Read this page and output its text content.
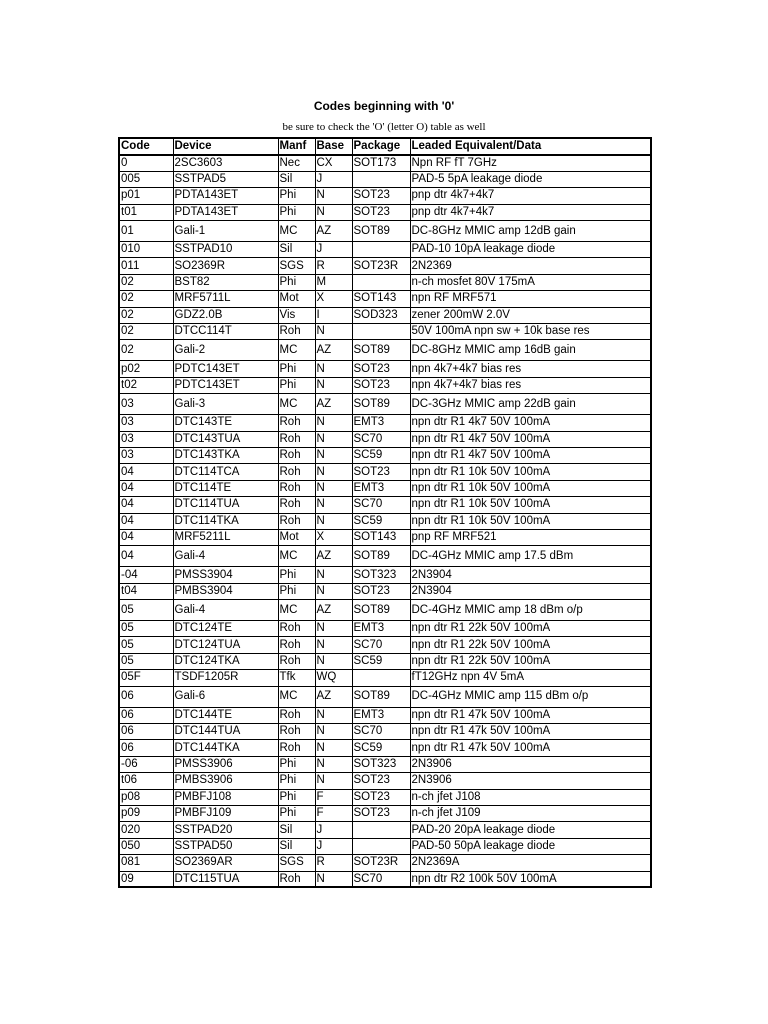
Codes beginning with '0'
be sure to check the 'O' (letter O) table as well
Code	Device	Manf	Base	Package	Leaded Equivalent/Data
0	2SC3603	Nec	CX	SOT173	Npn RF fT 7GHz
005	SSTPAD5	Sil	J		PAD-5 5pA leakage diode
p01	PDTA143ET	Phi	N	SOT23	pnp dtr 4k7+4k7
t01	PDTA143ET	Phi	N	SOT23	pnp dtr 4k7+4k7
01	Gali-1	MC	AZ	SOT89	DC-8GHz MMIC amp 12dB gain
010	SSTPAD10	Sil	J		PAD-10 10pA leakage diode
011	SO2369R	SGS	R	SOT23R	2N2369
02	BST82	Phi	M		n-ch mosfet 80V 175mA
02	MRF5711L	Mot	X	SOT143	npn RF MRF571
02	GDZ2.0B	Vis	I	SOD323	zener 200mW 2.0V
02	DTCC114T	Roh	N		50V 100mA npn sw + 10k base res
02	Gali-2	MC	AZ	SOT89	DC-8GHz MMIC amp 16dB gain
p02	PDTC143ET	Phi	N	SOT23	npn 4k7+4k7 bias res
t02	PDTC143ET	Phi	N	SOT23	npn 4k7+4k7 bias res
03	Gali-3	MC	AZ	SOT89	DC-3GHz MMIC amp 22dB gain
03	DTC143TE	Roh	N	EMT3	npn dtr R1 4k7 50V 100mA
03	DTC143TUA	Roh	N	SC70	npn dtr R1 4k7 50V 100mA
03	DTC143TKA	Roh	N	SC59	npn dtr R1 4k7 50V 100mA
04	DTC114TCA	Roh	N	SOT23	npn dtr R1 10k 50V 100mA
04	DTC114TE	Roh	N	EMT3	npn dtr R1 10k 50V 100mA
04	DTC114TUA	Roh	N	SC70	npn dtr R1 10k 50V 100mA
04	DTC114TKA	Roh	N	SC59	npn dtr R1 10k 50V 100mA
04	MRF5211L	Mot	X	SOT143	pnp RF MRF521
04	Gali-4	MC	AZ	SOT89	DC-4GHz MMIC amp 17.5 dBm
-04	PMSS3904	Phi	N	SOT323	2N3904
t04	PMBS3904	Phi	N	SOT23	2N3904
05	Gali-4	MC	AZ	SOT89	DC-4GHz MMIC amp 18 dBm o/p
05	DTC124TE	Roh	N	EMT3	npn dtr R1 22k 50V 100mA
05	DTC124TUA	Roh	N	SC70	npn dtr R1 22k 50V 100mA
05	DTC124TKA	Roh	N	SC59	npn dtr R1 22k 50V 100mA
05F	TSDF1205R	Tfk	WQ		fT12GHz npn 4V 5mA
06	Gali-6	MC	AZ	SOT89	DC-4GHz MMIC amp 115 dBm o/p
06	DTC144TE	Roh	N	EMT3	npn dtr R1 47k 50V 100mA
06	DTC144TUA	Roh	N	SC70	npn dtr R1 47k 50V 100mA
06	DTC144TKA	Roh	N	SC59	npn dtr R1 47k 50V 100mA
-06	PMSS3906	Phi	N	SOT323	2N3906
t06	PMBS3906	Phi	N	SOT23	2N3906
p08	PMBFJ108	Phi	F	SOT23	n-ch jfet J108
p09	PMBFJ109	Phi	F	SOT23	n-ch jfet J109
020	SSTPAD20	Sil	J		PAD-20 20pA leakage diode
050	SSTPAD50	Sil	J		PAD-50 50pA leakage diode
081	SO2369AR	SGS	R	SOT23R	2N2369A
09	DTC115TUA	Roh	N	SC70	npn dtr R2 100k 50V 100mA
